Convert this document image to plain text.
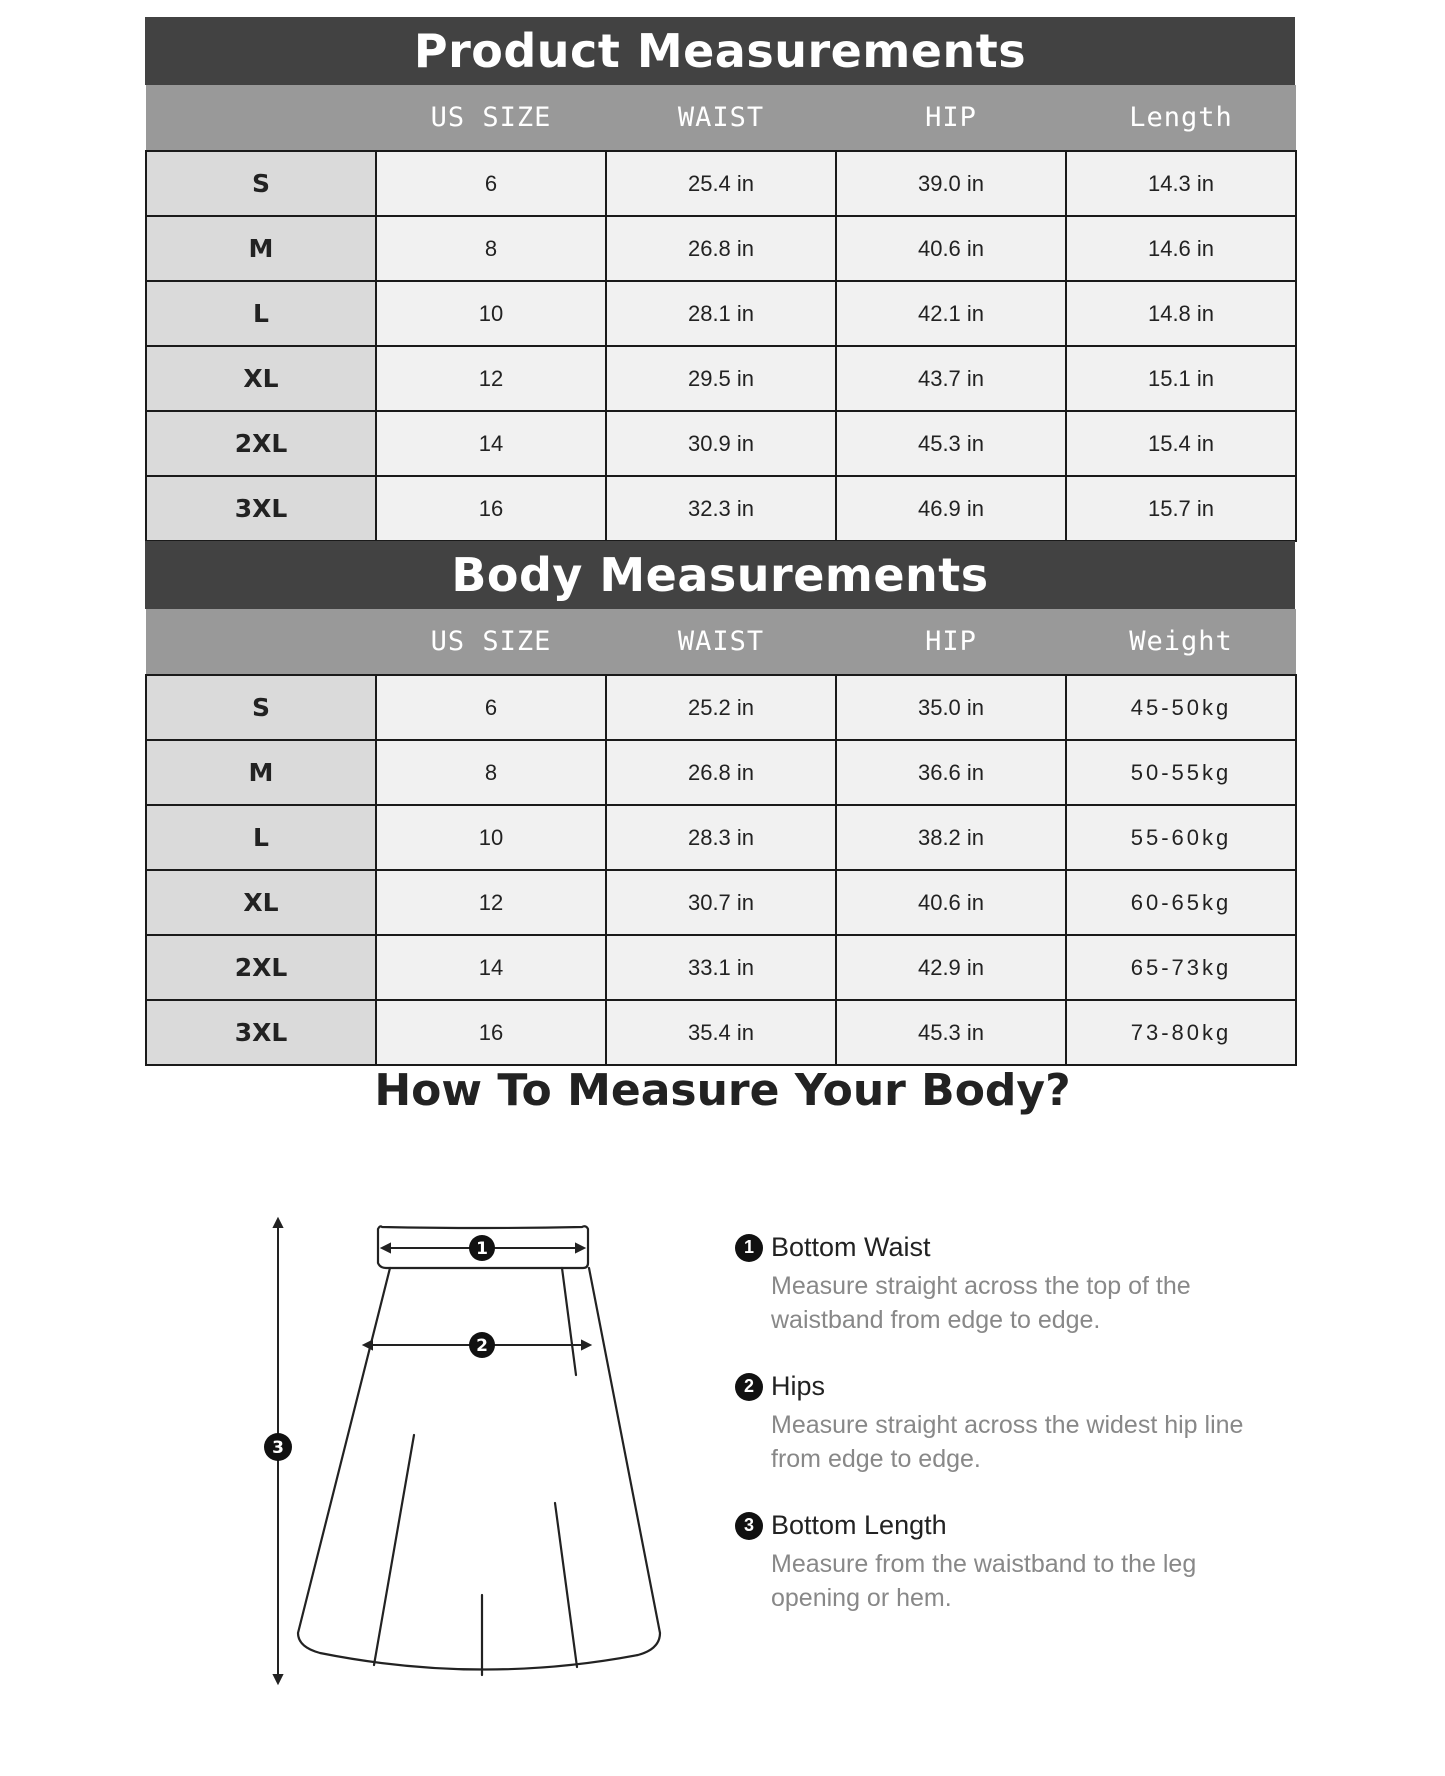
Product Measurements
	US SIZE	WAIST	HIP	Length
S	6	25.4 in	39.0 in	14.3 in
M	8	26.8 in	40.6 in	14.6 in
L	10	28.1 in	42.1 in	14.8 in
XL	12	29.5 in	43.7 in	15.1 in
2XL	14	30.9 in	45.3 in	15.4 in
3XL	16	32.3 in	46.9 in	15.7 in
Body Measurements
	US SIZE	WAIST	HIP	Weight
S	6	25.2 in	35.0 in	45-50kg
M	8	26.8 in	36.6 in	50-55kg
L	10	28.3 in	38.2 in	55-60kg
XL	12	30.7 in	40.6 in	60-65kg
2XL	14	33.1 in	42.9 in	65-73kg
3XL	16	35.4 in	45.3 in	73-80kg
How To Measure Your Body?
1
2
3
1 Bottom Waist
Measure straight across the top of the
waistband from edge to edge.
2 Hips
Measure straight across the widest hip line
from edge to edge.
3 Bottom Length
Measure from the waistband to the leg
opening or hem.
